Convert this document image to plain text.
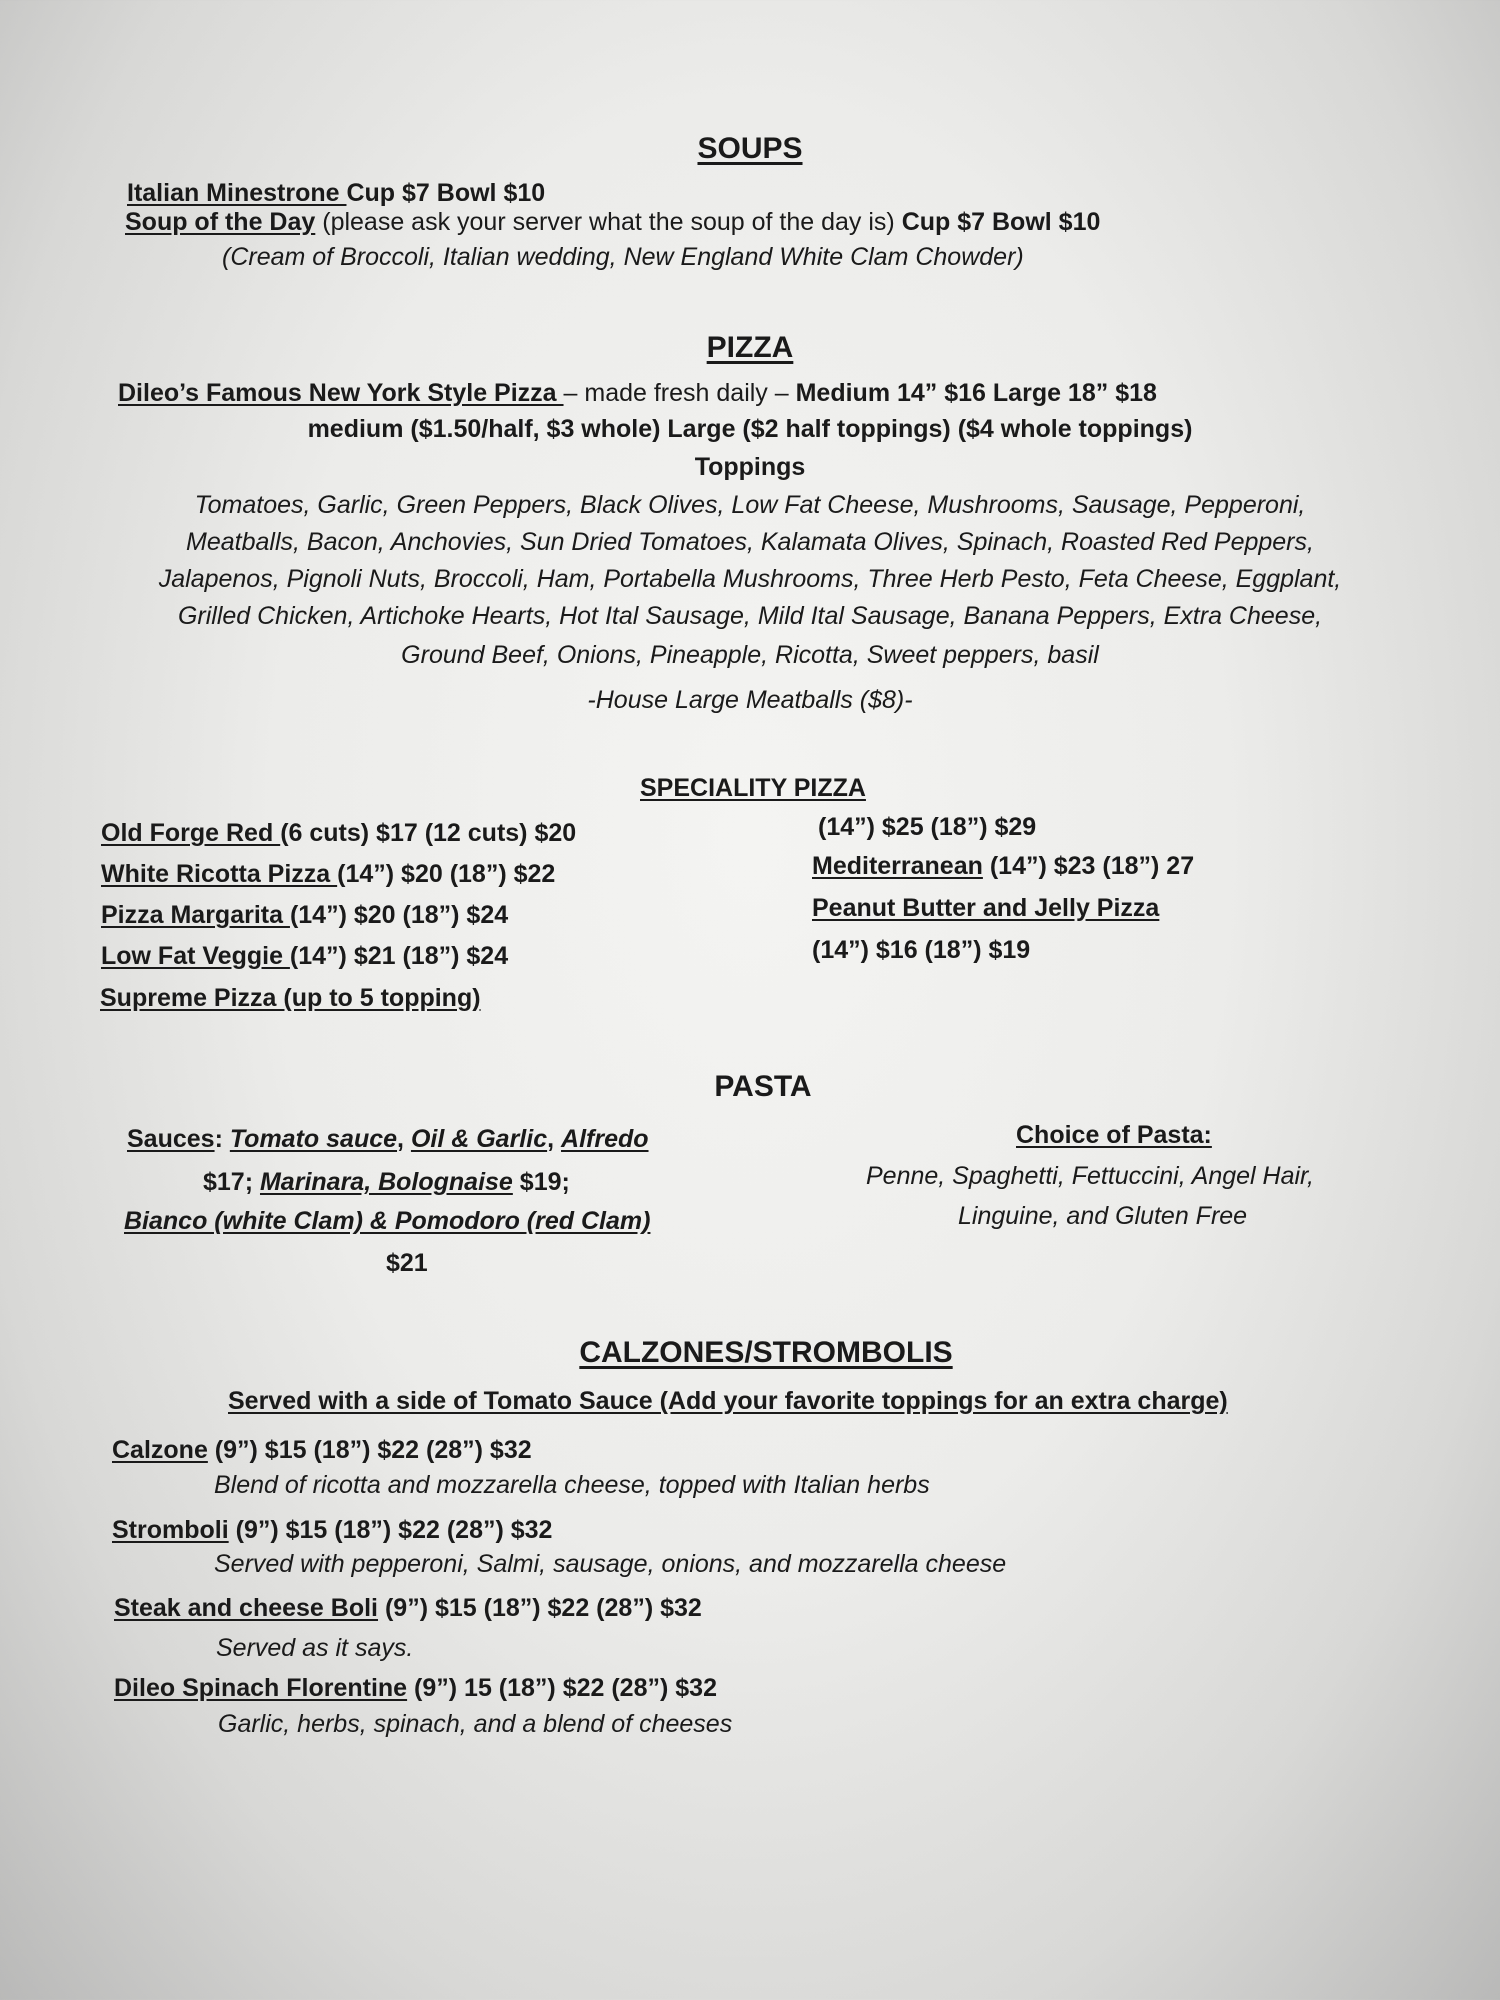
SOUPS
Italian Minestrone Cup $7 Bowl $10
Soup of the Day (please ask your server what the soup of the day is) Cup $7 Bowl $10
(Cream of Broccoli, Italian wedding, New England White Clam Chowder)
PIZZA
Dileo’s Famous New York Style Pizza – made fresh daily – Medium 14” $16 Large 18” $18
medium ($1.50/half, $3 whole) Large ($2 half toppings) ($4 whole toppings)
Toppings
Tomatoes, Garlic, Green Peppers, Black Olives, Low Fat Cheese, Mushrooms, Sausage, Pepperoni,
Meatballs, Bacon, Anchovies, Sun Dried Tomatoes, Kalamata Olives, Spinach, Roasted Red Peppers,
Jalapenos, Pignoli Nuts, Broccoli, Ham, Portabella Mushrooms, Three Herb Pesto, Feta Cheese, Eggplant,
Grilled Chicken, Artichoke Hearts, Hot Ital Sausage, Mild Ital Sausage, Banana Peppers, Extra Cheese,
Ground Beef, Onions, Pineapple, Ricotta, Sweet peppers, basil
-House Large Meatballs ($8)-
SPECIALITY PIZZA
Old Forge Red (6 cuts) $17 (12 cuts) $20
White Ricotta Pizza (14”) $20 (18”) $22
Pizza Margarita (14”) $20 (18”) $24
Low Fat Veggie (14”) $21 (18”) $24
Supreme Pizza (up to 5 topping)
(14”) $25 (18”) $29
Mediterranean (14”) $23 (18”) 27
Peanut Butter and Jelly Pizza
(14”) $16 (18”) $19
PASTA
Sauces: Tomato sauce, Oil & Garlic, Alfredo
$17; Marinara, Bolognaise $19;
Bianco (white Clam) & Pomodoro (red Clam)
$21
Choice of Pasta:
Penne, Spaghetti, Fettuccini, Angel Hair,
Linguine, and Gluten Free
CALZONES/STROMBOLIS
Served with a side of Tomato Sauce (Add your favorite toppings for an extra charge)
Calzone (9”) $15 (18”) $22 (28”) $32
Blend of ricotta and mozzarella cheese, topped with Italian herbs
Stromboli (9”) $15 (18”) $22 (28”) $32
Served with pepperoni, Salmi, sausage, onions, and mozzarella cheese
Steak and cheese Boli (9”) $15 (18”) $22 (28”) $32
Served as it says.
Dileo Spinach Florentine (9”) 15 (18”) $22 (28”) $32
Garlic, herbs, spinach, and a blend of cheeses
